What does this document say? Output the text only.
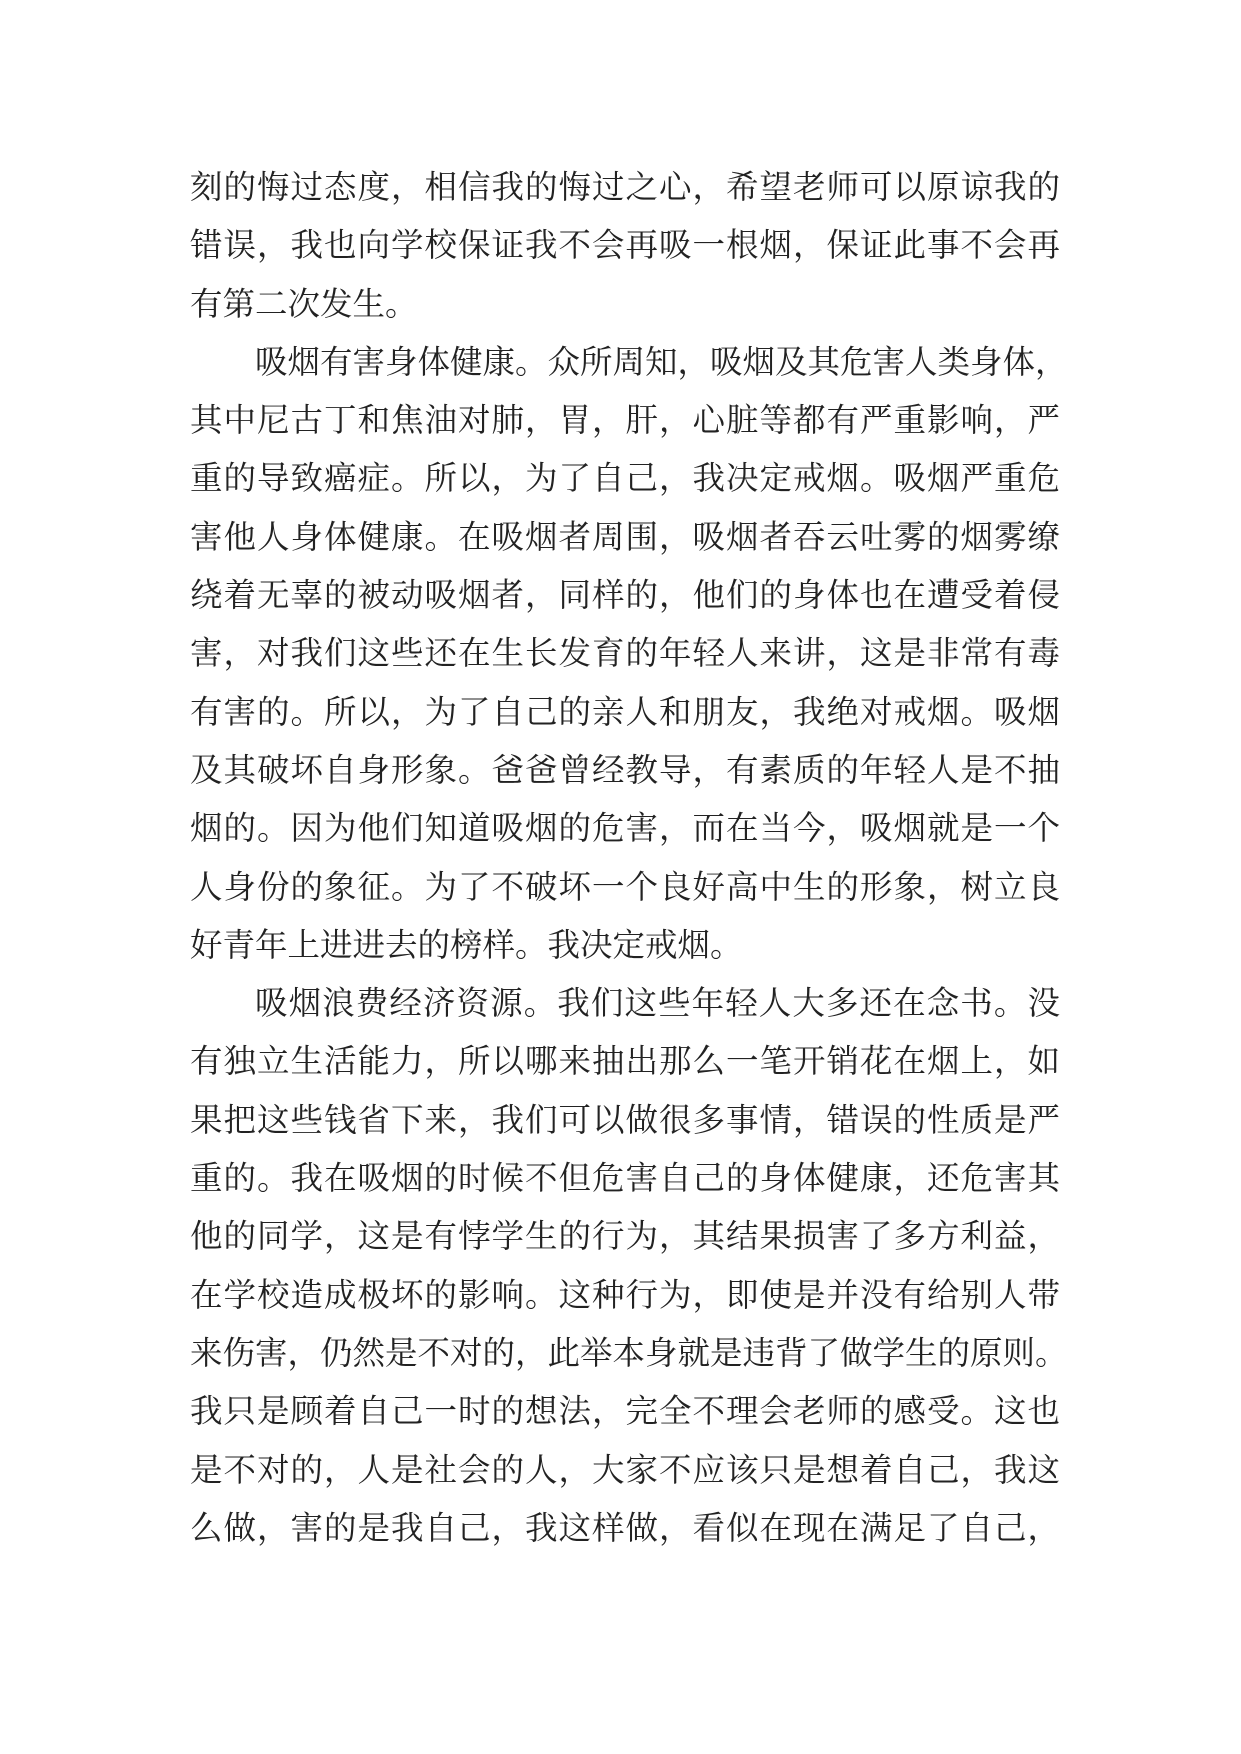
刻的悔过态度，相信我的悔过之心，希望老师可以原谅我的
错误，我也向学校保证我不会再吸一根烟，保证此事不会再
有第二次发生。
吸烟有害身体健康。众所周知，吸烟及其危害人类身体，
其中尼古丁和焦油对肺，胃，肝，心脏等都有严重影响，严
重的导致癌症。所以，为了自己，我决定戒烟。吸烟严重危
害他人身体健康。在吸烟者周围，吸烟者吞云吐雾的烟雾缭
绕着无辜的被动吸烟者，同样的，他们的身体也在遭受着侵
害，对我们这些还在生长发育的年轻人来讲，这是非常有毒
有害的。所以，为了自己的亲人和朋友，我绝对戒烟。吸烟
及其破坏自身形象。爸爸曾经教导，有素质的年轻人是不抽
烟的。因为他们知道吸烟的危害，而在当今，吸烟就是一个
人身份的象征。为了不破坏一个良好高中生的形象，树立良
好青年上进进去的榜样。我决定戒烟。
吸烟浪费经济资源。我们这些年轻人大多还在念书。没
有独立生活能力，所以哪来抽出那么一笔开销花在烟上，如
果把这些钱省下来，我们可以做很多事情，错误的性质是严
重的。我在吸烟的时候不但危害自己的身体健康，还危害其
他的同学，这是有悖学生的行为，其结果损害了多方利益，
在学校造成极坏的影响。这种行为，即使是并没有给别人带
来伤害，仍然是不对的，此举本身就是违背了做学生的原则。
我只是顾着自己一时的想法，完全不理会老师的感受。这也
是不对的，人是社会的人，大家不应该只是想着自己，我这
么做，害的是我自己，我这样做，看似在现在满足了自己，
